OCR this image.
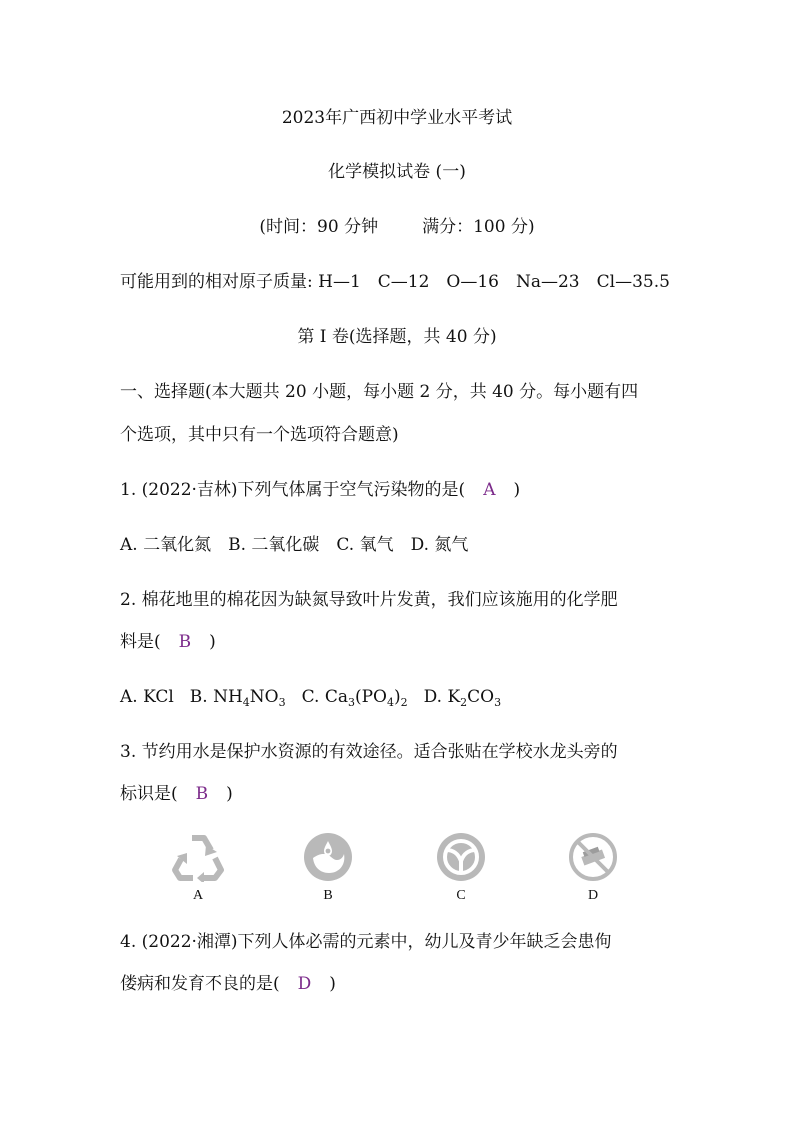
2023年广西初中学业水平考试
化学模拟试卷 (一)
(时间：90 分钟	满分：100 分)
可能用到的相对原子质量: H—1　C—12　O—16　Na—23　Cl—35.5
第 I 卷(选择题，共 40 分)
一、选择题(本大题共 20 小题，每小题 2 分，共 40 分。每小题有四
个选项，其中只有一个选项符合题意)
1. (2022·吉林)下列气体属于空气污染物的是( A )
A. 二氧化氮　B. 二氧化碳　C. 氧气　D. 氮气
2. 棉花地里的棉花因为缺氮导致叶片发黄，我们应该施用的化学肥
料是( B )
A. KCl B. $NH_4NO_3$ C. $Ca_3(PO_4)_2$ D. $K_2CO_3$
3. 节约用水是保护水资源的有效途径。适合张贴在学校水龙头旁的
标识是( B )
A	B	C	D
4. (2022·湘潭)下列人体必需的元素中，幼儿及青少年缺乏会患佝
偻病和发育不良的是( D )
